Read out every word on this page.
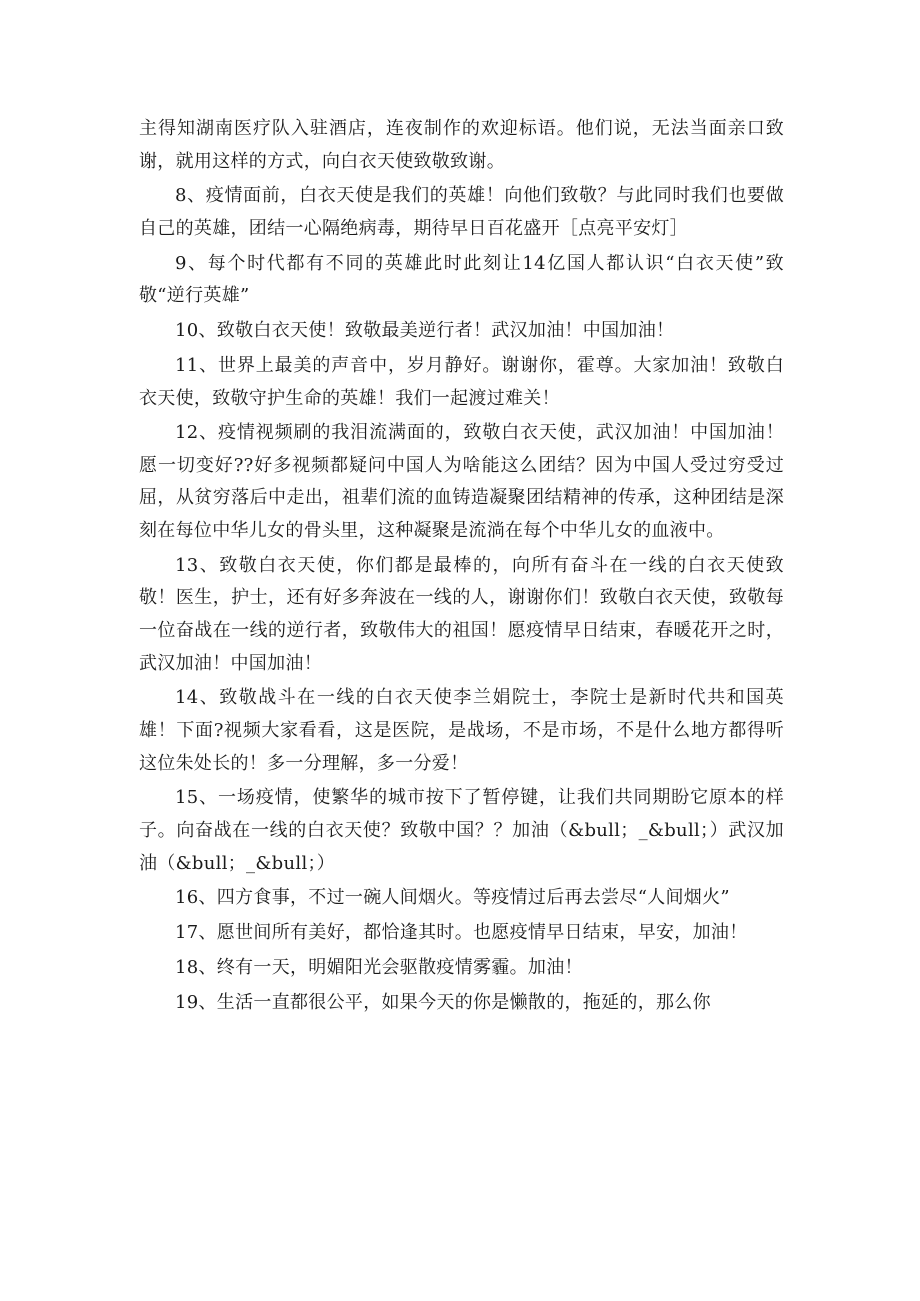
主得知湖南医疗队入驻酒店，连夜制作的欢迎标语。他们说，无法当面亲口致谢，就用这样的方式，向白衣天使致敬致谢。

8、疫情面前，白衣天使是我们的英雄！向他们致敬？与此同时我们也要做自己的英雄，团结一心隔绝病毒，期待早日百花盛开［点亮平安灯］

9、每个时代都有不同的英雄此时此刻让14亿国人都认识“白衣天使”致敬“逆行英雄”

10、致敬白衣天使！致敬最美逆行者！武汉加油！中国加油！

11、世界上最美的声音中，岁月静好。谢谢你，霍尊。大家加油！致敬白衣天使，致敬守护生命的英雄！我们一起渡过难关！

12、疫情视频刷的我泪流满面的，致敬白衣天使，武汉加油！中国加油！愿一切变好??好多视频都疑问中国人为啥能这么团结？因为中国人受过穷受过屈，从贫穷落后中走出，祖辈们流的血铸造凝聚团结精神的传承，这种团结是深刻在每位中华儿女的骨头里，这种凝聚是流淌在每个中华儿女的血液中。

13、致敬白衣天使，你们都是最棒的，向所有奋斗在一线的白衣天使致敬！医生，护士，还有好多奔波在一线的人，谢谢你们！致敬白衣天使，致敬每一位奋战在一线的逆行者，致敬伟大的祖国！愿疫情早日结束，春暖花开之时，武汉加油！中国加油！

14、致敬战斗在一线的白衣天使李兰娟院士，李院士是新时代共和国英雄！下面?视频大家看看，这是医院，是战场，不是市场，不是什么地方都得听这位朱处长的！多一分理解，多一分爱！

15、一场疫情，使繁华的城市按下了暂停键，让我们共同期盼它原本的样子。向奋战在一线的白衣天使？致敬中国？？加油（&bull；_&bull；）武汉加油（&bull；_&bull；）

16、四方食事，不过一碗人间烟火。等疫情过后再去尝尽“人间烟火”

17、愿世间所有美好，都恰逢其时。也愿疫情早日结束，早安，加油！

18、终有一天，明媚阳光会驱散疫情雾霾。加油！

19、生活一直都很公平，如果今天的你是懒散的，拖延的，那么你
